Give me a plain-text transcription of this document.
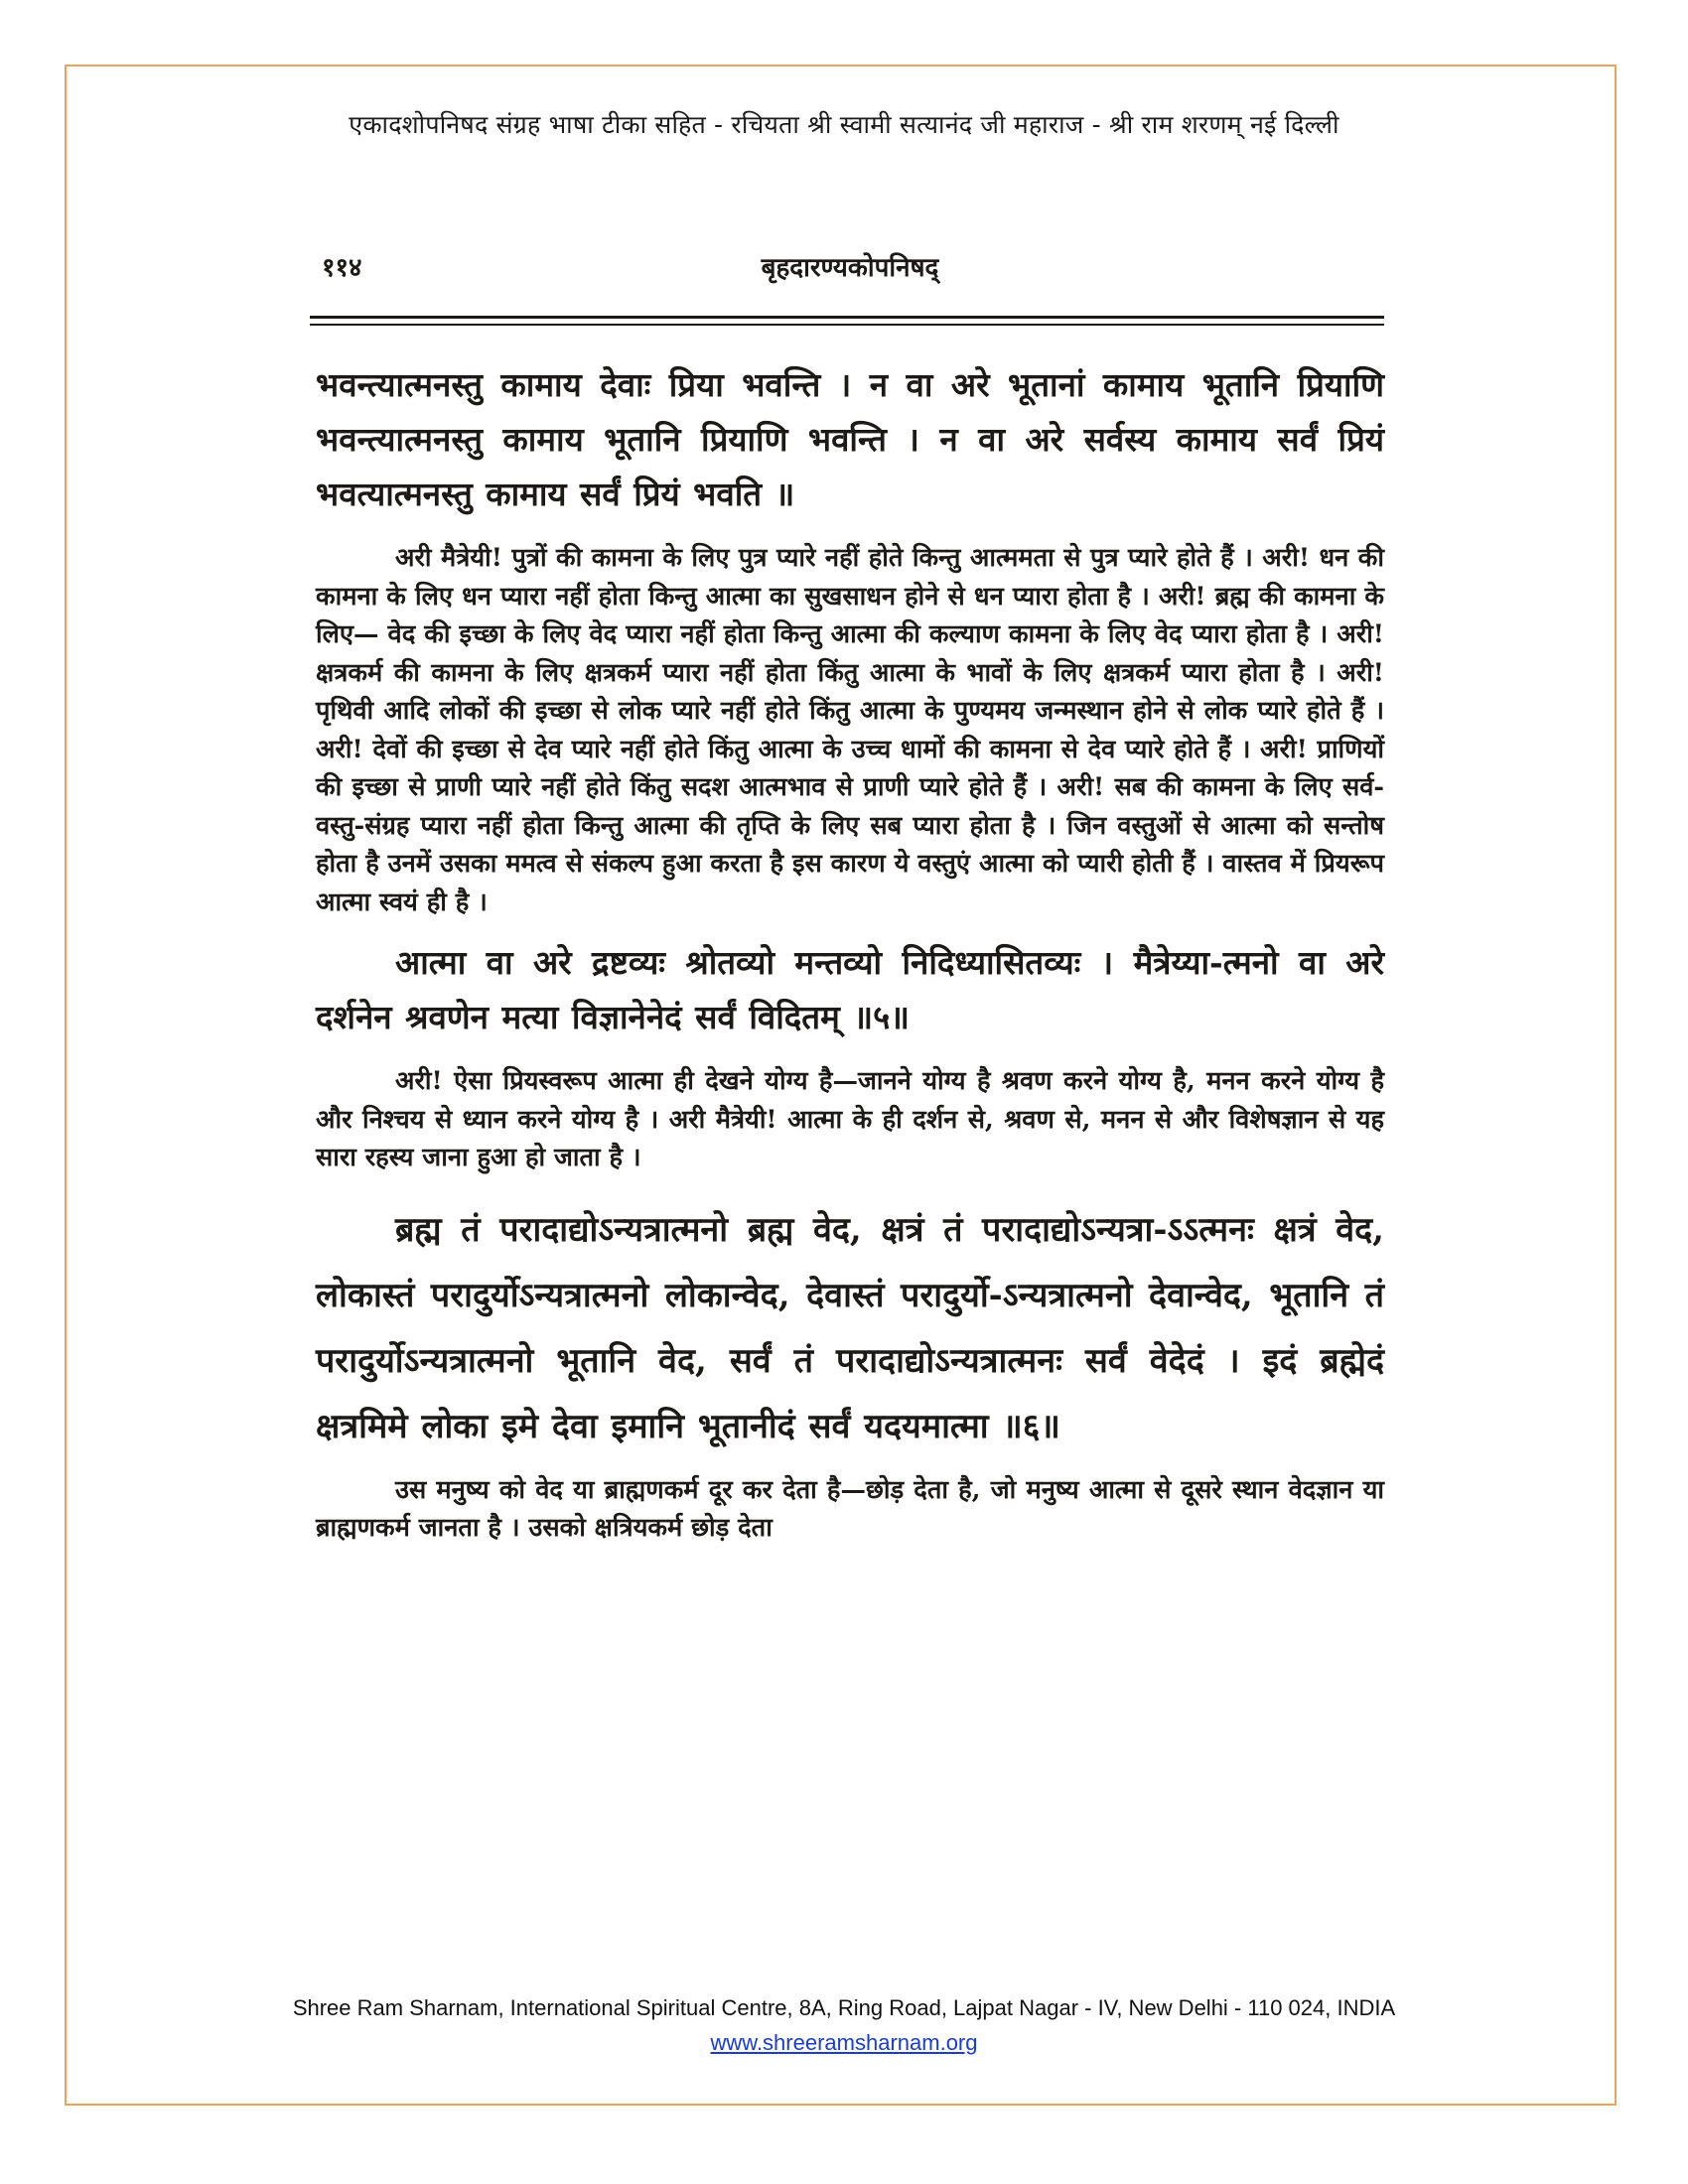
एकादशोपनिषद संग्रह भाषा टीका सहित - रचियता श्री स्वामी सत्यानंद जी महाराज - श्री राम शरणम् नई दिल्ली
११४	बृहदारण्यकोपनिषद्

भवन्त्यात्मनस्तु कामाय देवाः प्रिया भवन्ति । न वा अरे भूतानां कामाय भूतानि प्रियाणि भवन्त्यात्मनस्तु कामाय भूतानि प्रियाणि भवन्ति । न वा अरे सर्वस्य कामाय सर्वं प्रियं भवत्यात्मनस्तु कामाय सर्वं प्रियं भवति ॥

अरी मैत्रेयी! पुत्रों की कामना के लिए पुत्र प्यारे नहीं होते किन्तु आत्ममता से पुत्र प्यारे होते हैं । अरी! धन की कामना के लिए धन प्यारा नहीं होता किन्तु आत्मा का सुखसाधन होने से धन प्यारा होता है । अरी! ब्रह्म की कामना के लिए— वेद की इच्छा के लिए वेद प्यारा नहीं होता किन्तु आत्मा की कल्याण कामना के लिए वेद प्यारा होता है । अरी! क्षत्रकर्म की कामना के लिए क्षत्रकर्म प्यारा नहीं होता किंतु आत्मा के भावों के लिए क्षत्रकर्म प्यारा होता है । अरी! पृथिवी आदि लोकों की इच्छा से लोक प्यारे नहीं होते किंतु आत्मा के पुण्यमय जन्मस्थान होने से लोक प्यारे होते हैं । अरी! देवों की इच्छा से देव प्यारे नहीं होते किंतु आत्मा के उच्च धामों की कामना से देव प्यारे होते हैं । अरी! प्राणियों की इच्छा से प्राणी प्यारे नहीं होते किंतु सदश आत्मभाव से प्राणी प्यारे होते हैं । अरी! सब की कामना के लिए सर्व-वस्तु-संग्रह प्यारा नहीं होता किन्तु आत्मा की तृप्ति के लिए सब प्यारा होता है । जिन वस्तुओं से आत्मा को सन्तोष होता है उनमें उसका ममत्व से संकल्प हुआ करता है इस कारण ये वस्तुएं आत्मा को प्यारी होती हैं । वास्तव में प्रियरूप आत्मा स्वयं ही है ।

आत्मा वा अरे द्रष्टव्यः श्रोतव्यो मन्तव्यो निदिध्यासितव्यः । मैत्रेय्या-त्मनो वा अरे दर्शनेन श्रवणेन मत्या विज्ञानेनेदं सर्वं विदितम् ॥५॥

अरी! ऐसा प्रियस्वरूप आत्मा ही देखने योग्य है—जानने योग्य है श्रवण करने योग्य है, मनन करने योग्य है और निश्चय से ध्यान करने योग्य है । अरी मैत्रेयी! आत्मा के ही दर्शन से, श्रवण से, मनन से और विशेषज्ञान से यह सारा रहस्य जाना हुआ हो जाता है ।

ब्रह्म तं परादाद्योऽन्यत्रात्मनो ब्रह्म वेद, क्षत्रं तं परादाद्योऽन्यत्रा-ऽऽत्मनः क्षत्रं वेद, लोकास्तं परादुर्योऽन्यत्रात्मनो लोकान्वेद, देवास्तं परादुर्यो-ऽन्यत्रात्मनो देवान्वेद, भूतानि तं परादुर्योऽन्यत्रात्मनो भूतानि वेद, सर्वं तं परादाद्योऽन्यत्रात्मनः सर्वं वेदेदं । इदं ब्रह्मेदं क्षत्रमिमे लोका इमे देवा इमानि भूतानीदं सर्वं यदयमात्मा ॥६॥

उस मनुष्य को वेद या ब्राह्मणकर्म दूर कर देता है—छोड़ देता है, जो मनुष्य आत्मा से दूसरे स्थान वेदज्ञान या ब्राह्मणकर्म जानता है । उसको क्षत्रियकर्म छोड़ देता

Shree Ram Sharnam, International Spiritual Centre, 8A, Ring Road, Lajpat Nagar - IV, New Delhi - 110 024, INDIA
www.shreeramsharnam.org
